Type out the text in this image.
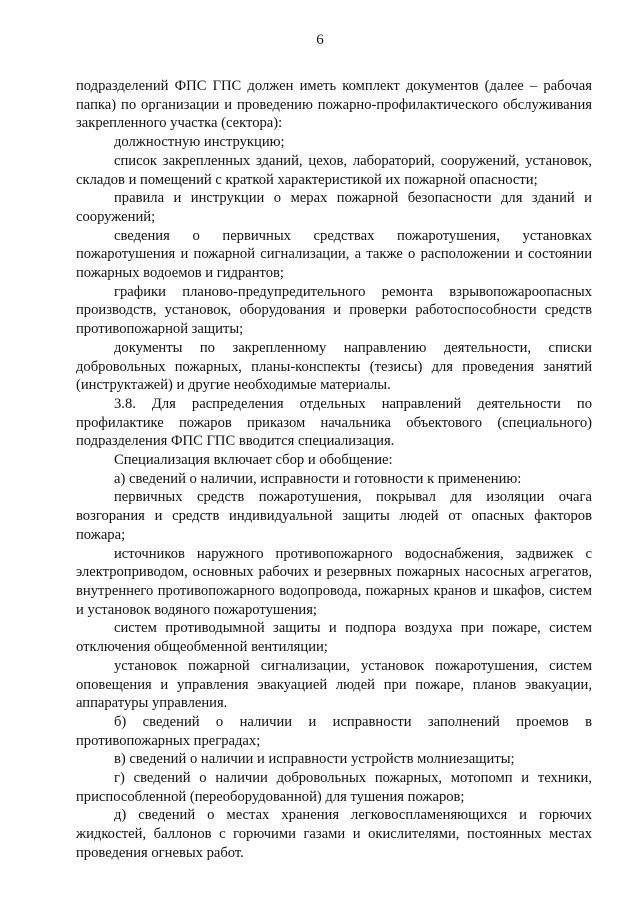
6

подразделений ФПС ГПС должен иметь комплект документов (далее – рабочая папка) по организации и проведению пожарно-профилактического обслуживания закрепленного участка (сектора):

должностную инструкцию;

список закрепленных зданий, цехов, лабораторий, сооружений, установок, складов и помещений с краткой характеристикой их пожарной опасности;

правила и инструкции о мерах пожарной безопасности для зданий и сооружений;

сведения о первичных средствах пожаротушения, установках пожаротушения и пожарной сигнализации, а также о расположении и состоянии пожарных водоемов и гидрантов;

графики планово-предупредительного ремонта взрывопожароопасных производств, установок, оборудования и проверки работоспособности средств противопожарной защиты;

документы по закрепленному направлению деятельности, списки добровольных пожарных, планы-конспекты (тезисы) для проведения занятий (инструктажей) и другие необходимые материалы.

3.8. Для распределения отдельных направлений деятельности по профилактике пожаров приказом начальника объектового (специального) подразделения ФПС ГПС вводится специализация.

Специализация включает сбор и обобщение:

а) сведений о наличии, исправности и готовности к применению:

первичных средств пожаротушения, покрывал для изоляции очага возгорания и средств индивидуальной защиты людей от опасных факторов пожара;

источников наружного противопожарного водоснабжения, задвижек с электроприводом, основных рабочих и резервных пожарных насосных агрегатов, внутреннего противопожарного водопровода, пожарных кранов и шкафов, систем и установок водяного пожаротушения;

систем противодымной защиты и подпора воздуха при пожаре, систем отключения общеобменной вентиляции;

установок пожарной сигнализации, установок пожаротушения, систем оповещения и управления эвакуацией людей при пожаре, планов эвакуации, аппаратуры управления.

б) сведений о наличии и исправности заполнений проемов в противопожарных преградах;

в) сведений о наличии и исправности устройств молниезащиты;

г) сведений о наличии добровольных пожарных, мотопомп и техники, приспособленной (переоборудованной) для тушения пожаров;

д) сведений о местах хранения легковоспламеняющихся и горючих жидкостей, баллонов с горючими газами и окислителями, постоянных местах проведения огневых работ.
